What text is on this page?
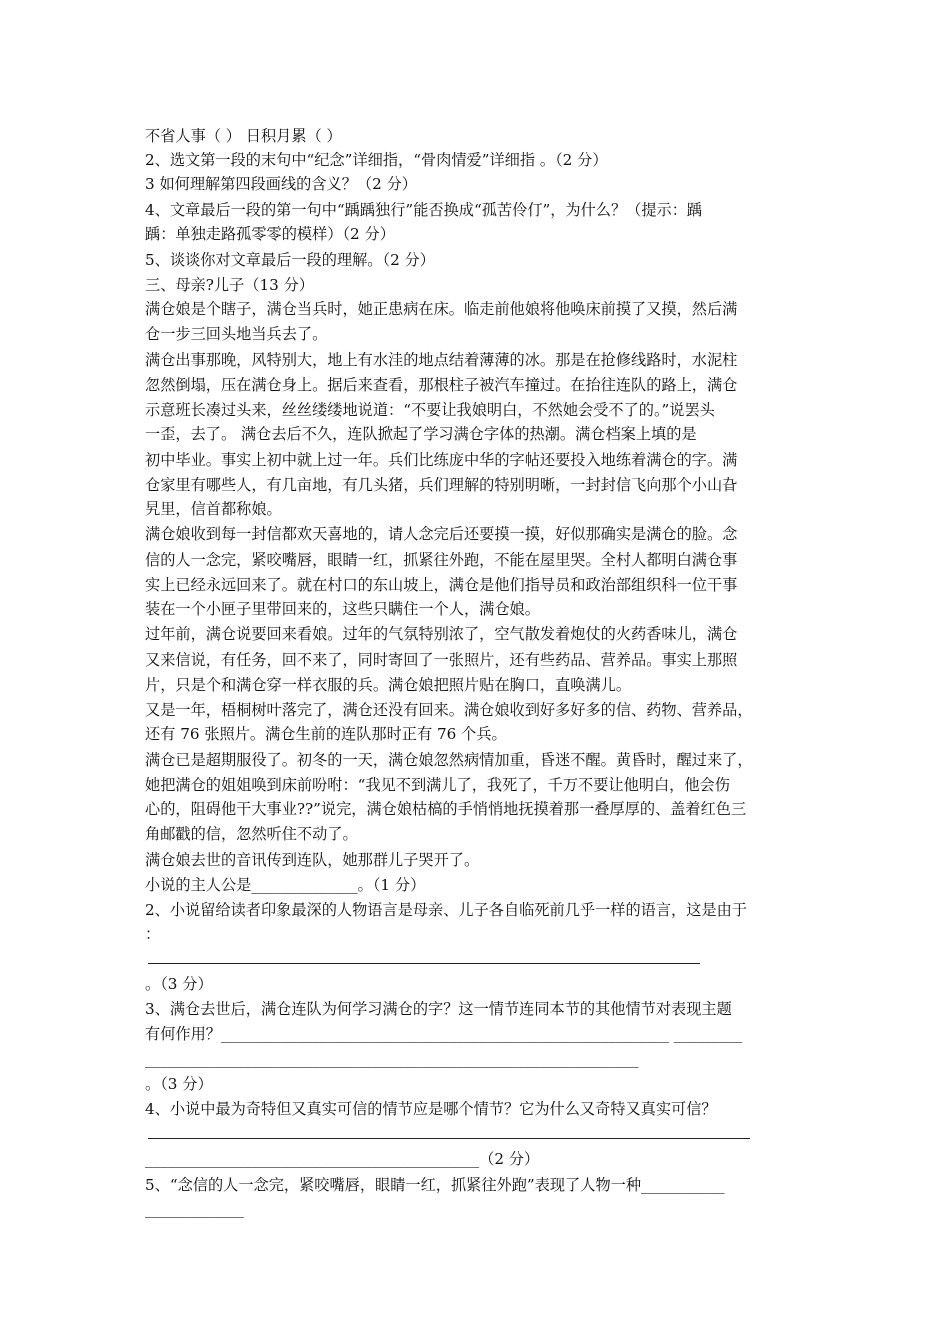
不省人事（ ） 日积月累（ ）
2、选文第一段的末句中“纪念”详细指，“骨肉情爱”详细指 。（2 分）
3 如何理解第四段画线的含义？（2 分）
4、文章最后一段的第一句中“踽踽独行”能否换成“孤苦伶仃”，为什么？（提示：踽
踽：单独走路孤零零的模样）（2 分）
5、谈谈你对文章最后一段的理解。（2 分）
三、母亲?儿子（13 分）
满仓娘是个瞎子，满仓当兵时，她正患病在床。临走前他娘将他唤床前摸了又摸，然后满
仓一步三回头地当兵去了。
满仓出事那晚，风特别大，地上有水洼的地点结着薄薄的冰。那是在抢修线路时，水泥柱
忽然倒塌，压在满仓身上。据后来查看，那根柱子被汽车撞过。在抬往连队的路上，满仓
示意班长凑过头来，丝丝缕缕地说道：“不要让我娘明白，不然她会受不了的。”说罢头
一歪，去了。 满仓去后不久，连队掀起了学习满仓字体的热潮。满仓档案上填的是
初中毕业。事实上初中就上过一年。兵们比练庞中华的字帖还要投入地练着满仓的字。满
仓家里有哪些人，有几亩地，有几头猪，兵们理解的特别明晰，一封封信飞向那个小山旮
旯里，信首都称娘。
满仓娘收到每一封信都欢天喜地的，请人念完后还要摸一摸，好似那确实是满仓的脸。念
信的人一念完，紧咬嘴唇，眼睛一红，抓紧往外跑，不能在屋里哭。全村人都明白满仓事
实上已经永远回来了。就在村口的东山坡上，满仓是他们指导员和政治部组织科一位干事
装在一个小匣子里带回来的，这些只瞒住一个人，满仓娘。
过年前，满仓说要回来看娘。过年的气氛特别浓了，空气散发着炮仗的火药香味儿，满仓
又来信说，有任务，回不来了，同时寄回了一张照片，还有些药品、营养品。事实上那照
片，只是个和满仓穿一样衣服的兵。满仓娘把照片贴在胸口，直唤满儿。
又是一年，梧桐树叶落完了，满仓还没有回来。满仓娘收到好多好多的信、药物、营养品，
还有 76 张照片。满仓生前的连队那时正有 76 个兵。
满仓已是超期服役了。初冬的一天，满仓娘忽然病情加重，昏迷不醒。黄昏时，醒过来了，
她把满仓的姐姐唤到床前吩咐：“我见不到满儿了，我死了，千万不要让他明白，他会伤
心的，阻碍他干大事业??”说完，满仓娘枯槁的手悄悄地抚摸着那一叠厚厚的、盖着红色三
角邮戳的信，忽然听住不动了。
满仓娘去世的音讯传到连队，她那群儿子哭开了。
小说的主人公是______________。（1 分）
2、小说留给读者印象最深的人物语言是母亲、儿子各自临死前几乎一样的语言，这是由于
：
。（3 分）
3、满仓去世后，满仓连队为何学习满仓的字？这一情节连同本节的其他情节对表现主题
有何作用？___________________________________________________________ _________
_________________________________________________________________
。（3 分）
4、小说中最为奇特但又真实可信的情节应是哪个情节？它为什么又奇特又真实可信？
____________________________________________（2 分）
5、“念信的人一念完，紧咬嘴唇，眼睛一红，抓紧往外跑”表现了人物一种___________
_____________
